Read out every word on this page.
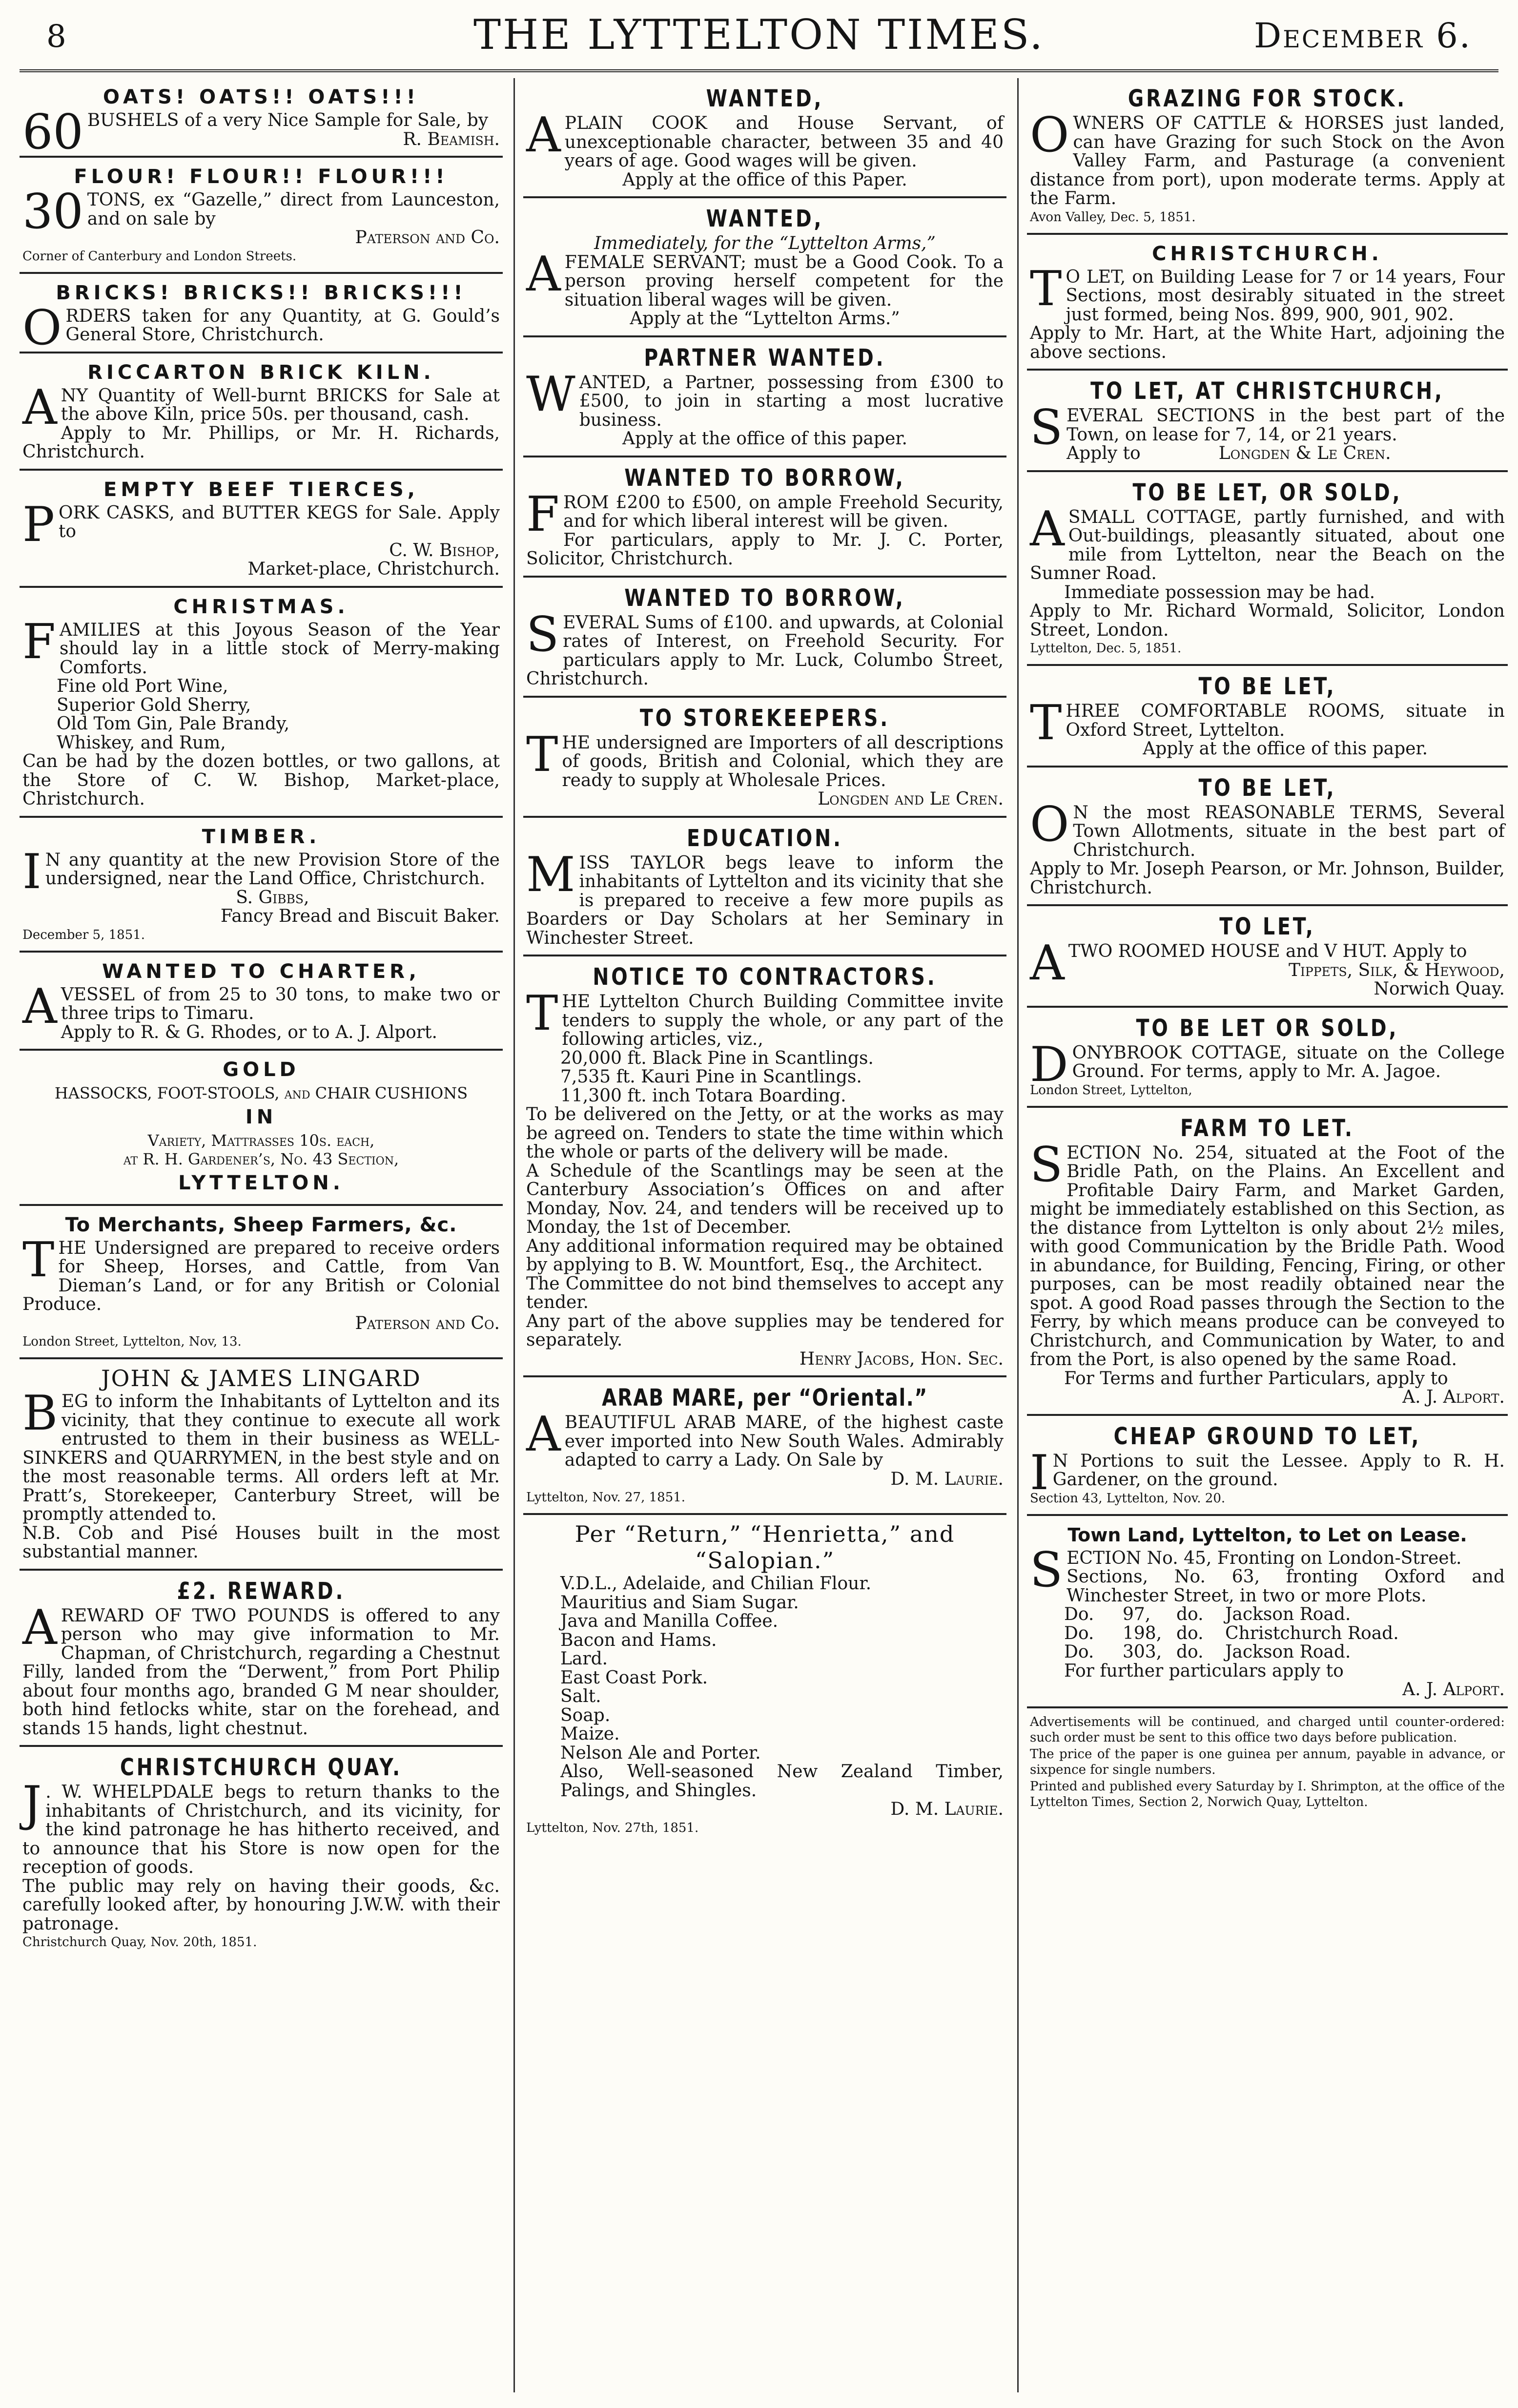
8	THE LYTTELTON TIMES.	December 6.
OATS! OATS!! OATS!!!

60 BUSHELS of a very Nice Sample for Sale, by

R. Beamish.

FLOUR! FLOUR!! FLOUR!!!

30 TONS, ex “Gazelle,” direct from Launceston, and on sale by

Paterson and Co.

Corner of Canterbury and London Streets.

BRICKS! BRICKS!! BRICKS!!!

ORDERS taken for any Quantity, at G. Gould’s General Store, Christchurch.

RICCARTON BRICK KILN.

ANY Quantity of Well-burnt BRICKS for Sale at the above Kiln, price 50s. per thousand, cash.

Apply to Mr. Phillips, or Mr. H. Richards, Christchurch.

EMPTY BEEF TIERCES,

PORK CASKS, and BUTTER KEGS for Sale. Apply to

C. W. Bishop,

Market-place, Christchurch.

CHRISTMAS.

FAMILIES at this Joyous Season of the Year should lay in a little stock of Merry-making Comforts.

Fine old Port Wine,

Superior Gold Sherry,

Old Tom Gin, Pale Brandy,

Whiskey, and Rum,

Can be had by the dozen bottles, or two gallons, at the Store of C. W. Bishop, Market-place, Christchurch.

TIMBER.

I N any quantity at the new Provision Store of the undersigned, near the Land Office, Christchurch.

S. Gibbs,

Fancy Bread and Biscuit Baker.

December 5, 1851.

WANTED TO CHARTER,

AVESSEL of from 25 to 30 tons, to make two or three trips to Timaru.

Apply to R. & G. Rhodes, or to A. J. Alport.

GOLD

HASSOCKS, FOOT-STOOLS, and CHAIR CUSHIONS

IN

Variety, Mattrasses 10s. each,

at R. H. Gardener’s, No. 43 Section,

LYTTELTON.
To Merchants, Sheep Farmers, &c.

THE Undersigned are prepared to receive orders for Sheep, Horses, and Cattle, from Van Dieman’s Land, or for any British or Colonial Produce.

Paterson and Co.

London Street, Lyttelton, Nov, 13.

JOHN & JAMES LINGARD

BEG to inform the Inhabitants of Lyttelton and its vicinity, that they continue to execute all work entrusted to them in their business as WELL-SINKERS and QUARRYMEN, in the best style and on the most reasonable terms. All orders left at Mr. Pratt’s, Storekeeper, Canterbury Street, will be promptly attended to.

N.B. Cob and Pisé Houses built in the most substantial manner.

£2. REWARD.

AREWARD OF TWO POUNDS is offered to any person who may give information to Mr. Chapman, of Christchurch, regarding a Chestnut Filly, landed from the “Derwent,” from Port Philip about four months ago, branded G M near shoulder, both hind fetlocks white, star on the forehead, and stands 15 hands, light chestnut.

CHRISTCHURCH QUAY.

J . W. WHELPDALE begs to return thanks to the inhabitants of Christchurch, and its vicinity, for the kind patronage he has hitherto received, and to announce that his Store is now open for the reception of goods.

The public may rely on having their goods, &c. carefully looked after, by honouring J.W.W. with their patronage.

Christchurch Quay, Nov. 20th, 1851.

WANTED,

APLAIN COOK and House Servant, of unexceptionable character, between 35 and 40 years of age. Good wages will be given.

Apply at the office of this Paper.

WANTED,

Immediately, for the “Lyttelton Arms,”

AFEMALE SERVANT; must be a Good Cook. To a person proving herself competent for the situation liberal wages will be given.

Apply at the “Lyttelton Arms.”

PARTNER WANTED.

WANTED, a Partner, possessing from £300 to £500, to join in starting a most lucrative business.

Apply at the office of this paper.

WANTED TO BORROW,

FROM £200 to £500, on ample Freehold Security, and for which liberal interest will be given.

For particulars, apply to Mr. J. C. Porter, Solicitor, Christchurch.

WANTED TO BORROW,

SEVERAL Sums of £100. and upwards, at Colonial rates of Interest, on Freehold Security. For particulars apply to Mr. Luck, Columbo Street, Christchurch.

TO STOREKEEPERS.

THE undersigned are Importers of all descriptions of goods, British and Colonial, which they are ready to supply at Wholesale Prices.

Longden and Le Cren.

EDUCATION.

MISS TAYLOR begs leave to inform the inhabitants of Lyttelton and its vicinity that she is prepared to receive a few more pupils as Boarders or Day Scholars at her Seminary in Winchester Street.

NOTICE TO CONTRACTORS.

THE Lyttelton Church Building Committee invite tenders to supply the whole, or any part of the following articles, viz.,

20,000 ft. Black Pine in Scantlings.

7,535 ft. Kauri Pine in Scantlings.

11,300 ft. inch Totara Boarding.

To be delivered on the Jetty, or at the works as may be agreed on. Tenders to state the time within which the whole or parts of the delivery will be made.

A Schedule of the Scantlings may be seen at the Canterbury Association’s Offices on and after Monday, Nov. 24, and tenders will be received up to Monday, the 1st of December.

Any additional information required may be obtained by applying to B. W. Mountfort, Esq., the Architect.

The Committee do not bind themselves to accept any tender.

Any part of the above supplies may be tendered for separately.

Henry Jacobs, Hon. Sec.

ARAB MARE, per “Oriental.”

ABEAUTIFUL ARAB MARE, of the highest caste ever imported into New South Wales. Admirably adapted to carry a Lady. On Sale by

D. M. Laurie.

Lyttelton, Nov. 27, 1851.

Per “Return,” “Henrietta,” and “Salopian.”

V.D.L., Adelaide, and Chilian Flour.

Mauritius and Siam Sugar.

Java and Manilla Coffee.

Bacon and Hams.

Lard.

East Coast Pork.

Salt.

Soap.

Maize.

Nelson Ale and Porter.

Also, Well-seasoned New Zealand Timber, Palings, and Shingles.

D. M. Laurie.

Lyttelton, Nov. 27th, 1851.

GRAZING FOR STOCK.

OWNERS OF CATTLE & HORSES just landed, can have Grazing for such Stock on the Avon Valley Farm, and Pasturage (a convenient distance from port), upon moderate terms. Apply at the Farm.

Avon Valley, Dec. 5, 1851.

CHRISTCHURCH.

T O LET, on Building Lease for 7 or 14 years, Four Sections, most desirably situated in the street just formed, being Nos. 899, 900, 901, 902.

Apply to Mr. Hart, at the White Hart, adjoining the above sections.

TO LET, AT CHRISTCHURCH,

SEVERAL SECTIONS in the best part of the Town, on lease for 7, 14, or 21 years.

Apply to	Longden & Le Cren.

TO BE LET, OR SOLD,

ASMALL COTTAGE, partly furnished, and with Out-buildings, pleasantly situated, about one mile from Lyttelton, near the Beach on the Sumner Road.

Immediate possession may be had.

Apply to Mr. Richard Wormald, Solicitor, London Street, London.

Lyttelton, Dec. 5, 1851.

TO BE LET,

THREE COMFORTABLE ROOMS, situate in Oxford Street, Lyttelton.

Apply at the office of this paper.

TO BE LET,

O N the most REASONABLE TERMS, Several Town Allotments, situate in the best part of Christchurch.

Apply to Mr. Joseph Pearson, or Mr. Johnson, Builder, Christchurch.

TO LET,

ATWO ROOMED HOUSE and V HUT. Apply to

Tippets, Silk, & Heywood,

Norwich Quay.

TO BE LET OR SOLD,

DONYBROOK COTTAGE, situate on the College Ground. For terms, apply to Mr. A. Jagoe.

London Street, Lyttelton,

FARM TO LET.

SECTION No. 254, situated at the Foot of the Bridle Path, on the Plains. An Excellent and Profitable Dairy Farm, and Market Garden, might be immediately established on this Section, as the distance from Lyttelton is only about 2½ miles, with good Communication by the Bridle Path. Wood in abundance, for Building, Fencing, Firing, or other purposes, can be most readily obtained near the spot. A good Road passes through the Section to the Ferry, by which means produce can be conveyed to Christchurch, and Communication by Water, to and from the Port, is also opened by the same Road.

For Terms and further Particulars, apply to

A. J. Alport.

CHEAP GROUND TO LET,

I N Portions to suit the Lessee. Apply to R. H. Gardener, on the ground.

Section 43, Lyttelton, Nov. 20.

Town Land, Lyttelton, to Let on Lease.

SECTION No. 45, Fronting on London-Street.

Sections, No. 63, fronting Oxford and Winchester Street, in two or more Plots.

Do. 97, do. Jackson Road.
Do. 198, do. Christchurch Road.
Do. 303, do. Jackson Road.

For further particulars apply to

A. J. Alport.

Advertisements will be continued, and charged until counter-ordered: such order must be sent to this office two days before publication.

The price of the paper is one guinea per annum, payable in advance, or sixpence for single numbers.

Printed and published every Saturday by I. Shrimpton, at the office of the Lyttelton Times, Section 2, Norwich Quay, Lyttelton.
